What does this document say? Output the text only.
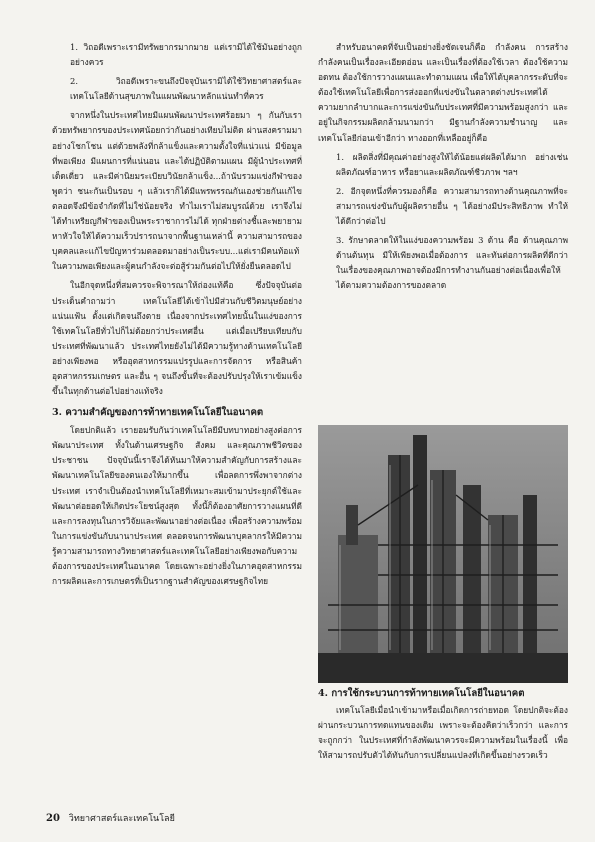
1. วิถอดีเพราะเรามีทรัพยากรมากมาย แต่เรามิได้ใช้มันอย่างถูก อย่างควร

2. วิถอดีเพราะขนถึงปัจจุบันเรามิได้ใช้วิทยาศาสตร์และเทคโนโลยีด้านสุขภาพในแผนพัฒนาหลักแน่นทำที่ควร

จากหนึ่งในประเทศไทยมีแผนพัฒนาประเทศร้อยมา ๆ กันกับเรา ด้วยทรัพยากรของประเทศน้อยกว่ากันอย่างเทียบไม่ติด ผ่านสงครามมาอย่างโชกโชน แต่ด้วยพลังที่กล้าแข็งและความตั้งใจที่แน่วแน่ มีข้อมูลที่พอเพียง มีแผนการที่แน่นอน และได้ปฏิบัติตามแผน มีผู้นำประเทศที่เด็ดเดี่ยว และมีค่านิยมระเบียบวินัยกล้าแข็ง...ถ้านับรวมแข่งกีฬาของพูดว่า ชนะกันเป็นรอบ ๆ แล้วเราก็ได้มีแพรพรรณกันเองช่วยกันแก้ไขตลอดจึงมีข้อจำกัดที่ไม่ใช่น้อยจริง ทำไมเราไม่สมบูรณ์ด้วย เราจึงไม่ได้ทำเหรียญกีฬาของเป็นพระราชาการไม่ได้ ทุกฝ่ายต่างชี้และพยายามหาหัวใจให้ได้ความเร็วปรารถนาจากพื้นฐานเหล่านี้ ความสามารถของบุคคลและแก้ไขปัญหาร่วมตลอดมาอย่างเป็นระบบ...แต่เรามีคนท้อแท้ในความพอเพียงและผู้คนกำลังจะต่อสู้ร่วมกันต่อไปให้ยั่งยืนตลอดไป

ในอีกจุดหนึ่งที่สมควรจะพิจารณาให้ถ่องแท้คือ ซึ่งปัจจุบันต่อประเด็นคำถามว่า เทคโนโลยีได้เข้าไปมีส่วนกับชีวิตมนุษย์อย่างแน่นแฟ้น ตั้งแต่เกิดจนถึงตาย เนื่องจากประเทศไทยนั้นในแง่ของการใช้เทคโนโลยีทั่วไปก็ไม่ด้อยกว่าประเทศอื่น แต่เมื่อเปรียบเทียบกับประเทศที่พัฒนาแล้ว ประเทศไทยยังไม่ได้มีความรู้ทางด้านเทคโนโลยีอย่างเพียงพอ หรืออุตสาหกรรมแปรรูปและการจัดการ หรือสินค้าอุตสาหกรรมเกษตร และอื่น ๆ จนถึงขั้นที่จะต้องปรับปรุงให้เราเข้มแข็งขึ้นในทุกด้านต่อไปอย่างแท้จริง

3. ความสำคัญของการท้าทายเทคโนโลยีในอนาคต

โดยปกติแล้ว เรายอมรับกันว่าเทคโนโลยีมีบทบาทอย่างสูงต่อการพัฒนาประเทศ ทั้งในด้านเศรษฐกิจ สังคม และคุณภาพชีวิตของประชาชน ปัจจุบันนี้เราจึงได้หันมาให้ความสำคัญกับการสร้างและพัฒนาเทคโนโลยีของตนเองให้มากขึ้น เพื่อลดการพึ่งพาจากต่างประเทศ เราจำเป็นต้องนำเทคโนโลยีที่เหมาะสมเข้ามาประยุกต์ใช้และพัฒนาต่อยอดให้เกิดประโยชน์สูงสุด ทั้งนี้ก็ต้องอาศัยการวางแผนที่ดีและการลงทุนในการวิจัยและพัฒนาอย่างต่อเนื่อง เพื่อสร้างความพร้อมในการแข่งขันกับนานาประเทศ ตลอดจนการพัฒนาบุคลากรให้มีความรู้ความสามารถทางวิทยาศาสตร์และเทคโนโลยีอย่างเพียงพอกับความต้องการของประเทศในอนาคต โดยเฉพาะอย่างยิ่งในภาคอุตสาหกรรมการผลิตและการเกษตรที่เป็นรากฐานสำคัญของเศรษฐกิจไทย

สำหรับอนาคตที่จับเป็นอย่างยิ่งชัดเจนก็คือ กำลังคน การสร้างกำลังคนเป็นเรื่องละเอียดอ่อน และเป็นเรื่องที่ต้องใช้เวลา ต้องใช้ความอดทน ต้องใช้การวางแผนและทำตามแผน เพื่อให้ได้บุคลากรระดับที่จะต้องใช้เทคโนโลยีเพื่อการส่งออกที่แข่งขันในตลาดต่างประเทศได้ ความยากลำบากและการแข่งขันกับประเทศที่มีความพร้อมสูงกว่า และอยู่ในกิจกรรมผลิตกล้ามนามกว่า มีฐานกำลังความชำนาญ และเทคโนโลยีก่อนเข้าอีกว่า ทางออกที่เหลืออยู่ก็คือ

1. ผลิตสิ่งที่มีคุณค่าอย่างสูงให้ได้น้อยแต่ผลิตได้มาก อย่างเช่นผลิตภัณฑ์อาหาร หรือยาและผลิตภัณฑ์ชีวภาพ ฯลฯ

2. อีกจุดหนึ่งที่ควรมองก็คือ ความสามารถทางด้านคุณภาพที่จะสามารถแข่งขันกับผู้ผลิตรายอื่น ๆ ได้อย่างมีประสิทธิภาพ ทำให้ได้ดีกว่าต่อไป

3. รักษาตลาดให้ในแง่ของความพร้อม 3 ด้าน คือ ด้านคุณภาพ ด้านต้นทุน มีให้เพียงพอเมื่อต้องการ และทันต่อการผลิตที่ดีกว่า ในเรื่องของคุณภาพอาจต้องมีการทำงานกันอย่างต่อเนื่องเพื่อให้ได้ตามความต้องการของตลาด

4. การใช้กระบวนการท้าทายเทคโนโลยีในอนาคต

เทคโนโลยีเมื่อนำเข้ามาหรือเมื่อเกิดการถ่ายทอด โดยปกติจะต้องผ่านกระบวนการทดแทนของเดิม เพราะจะต้องคิดว่าเร็วกว่า และการจะถูกกว่า ในประเทศที่กำลังพัฒนาควรจะมีความพร้อมในเรื่องนี้ เพื่อให้สามารถปรับตัวได้ทันกับการเปลี่ยนแปลงที่เกิดขึ้นอย่างรวดเร็ว

20 วิทยาศาสตร์และเทคโนโลยี
